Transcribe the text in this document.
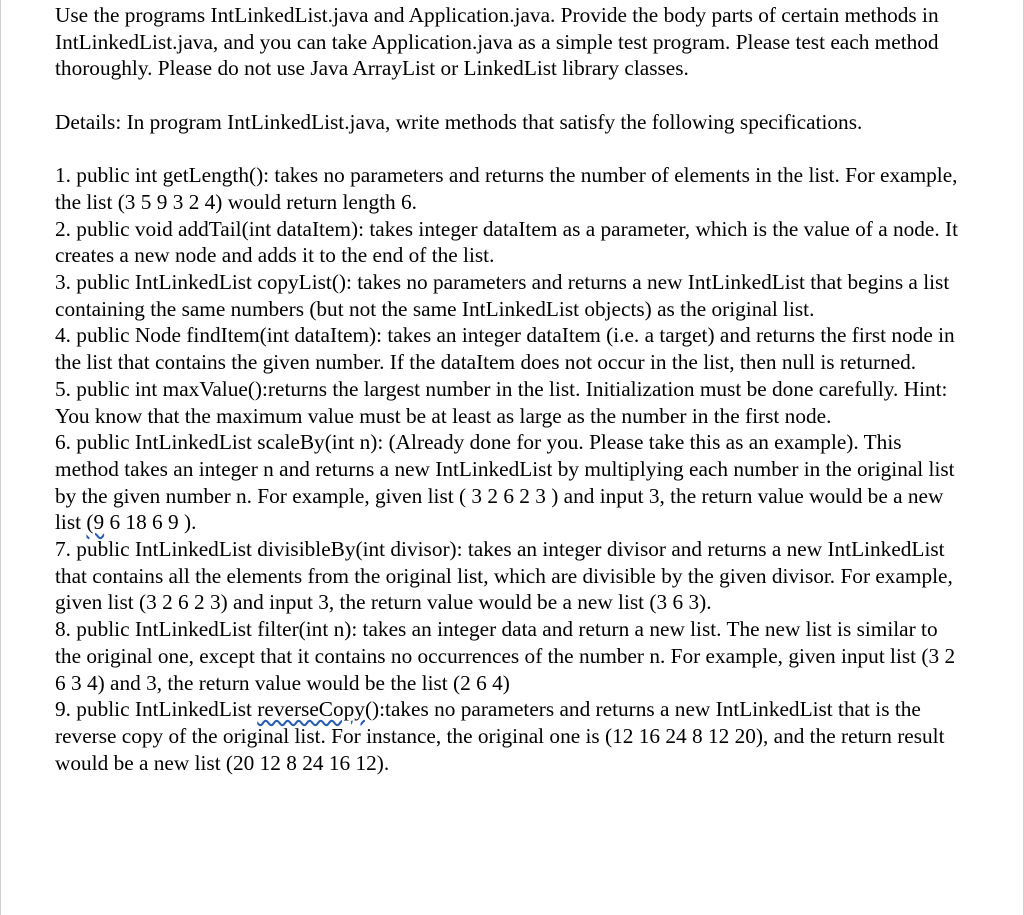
Use the programs IntLinkedList.java and Application.java. Provide the body parts of certain methods in IntLinkedList.java, and you can take Application.java as a simple test program. Please test each method thoroughly. Please do not use Java ArrayList or LinkedList library classes.

Details: In program IntLinkedList.java, write methods that satisfy the following specifications.

1. public int getLength(): takes no parameters and returns the number of elements in the list. For example, the list (3 5 9 3 2 4) would return length 6.

2. public void addTail(int dataItem): takes integer dataItem as a parameter, which is the value of a node. It creates a new node and adds it to the end of the list.

3. public IntLinkedList copyList(): takes no parameters and returns a new IntLinkedList that begins a list containing the same numbers (but not the same IntLinkedList objects) as the original list.

4. public Node findItem(int dataItem): takes an integer dataItem (i.e. a target) and returns the first node in the list that contains the given number. If the dataItem does not occur in the list, then null is returned.

5. public int maxValue():returns the largest number in the list. Initialization must be done carefully. Hint: You know that the maximum value must be at least as large as the number in the first node.

6. public IntLinkedList scaleBy(int n): (Already done for you. Please take this as an example). This method takes an integer n and returns a new IntLinkedList by multiplying each number in the original list by the given number n. For example, given list ( 3 2 6 2 3 ) and input 3, the return value would be a new list (9 6 18 6 9 ).

7. public IntLinkedList divisibleBy(int divisor): takes an integer divisor and returns a new IntLinkedList that contains all the elements from the original list, which are divisible by the given divisor. For example, given list (3 2 6 2 3) and input 3, the return value would be a new list (3 6 3).

8. public IntLinkedList filter(int n): takes an integer data and return a new list. The new list is similar to the original one, except that it contains no occurrences of the number n. For example, given input list (3 2 6 3 4) and 3, the return value would be the list (2 6 4)

9. public IntLinkedList reverseCopy():takes no parameters and returns a new IntLinkedList that is the reverse copy of the original list. For instance, the original one is (12 16 24 8 12 20), and the return result would be a new list (20 12 8 24 16 12).
